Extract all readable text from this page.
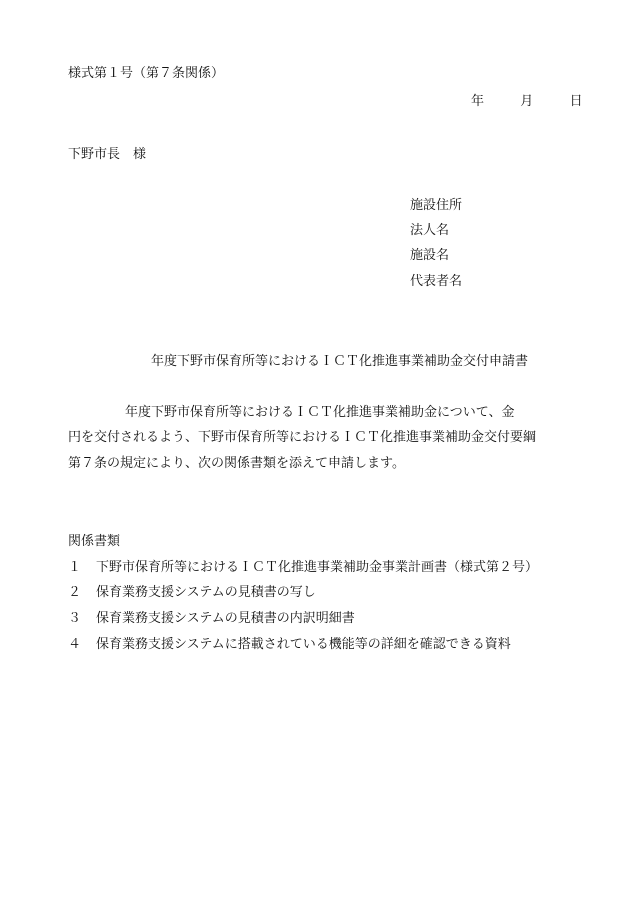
様式第１号（第７条関係）
年	月	日
下野市長　様
施設住所
法人名
施設名
代表者名
年度下野市保育所等におけるＩＣＴ化推進事業補助金交付申請書
年度下野市保育所等におけるＩＣＴ化推進事業補助金について、金
円を交付されるよう、下野市保育所等におけるＩＣＴ化推進事業補助金交付要綱
第７条の規定により、次の関係書類を添えて申請します。
関係書類
１ 下野市保育所等におけるＩＣＴ化推進事業補助金事業計画書（様式第２号）
２ 保育業務支援システムの見積書の写し
３ 保育業務支援システムの見積書の内訳明細書
４ 保育業務支援システムに搭載されている機能等の詳細を確認できる資料
